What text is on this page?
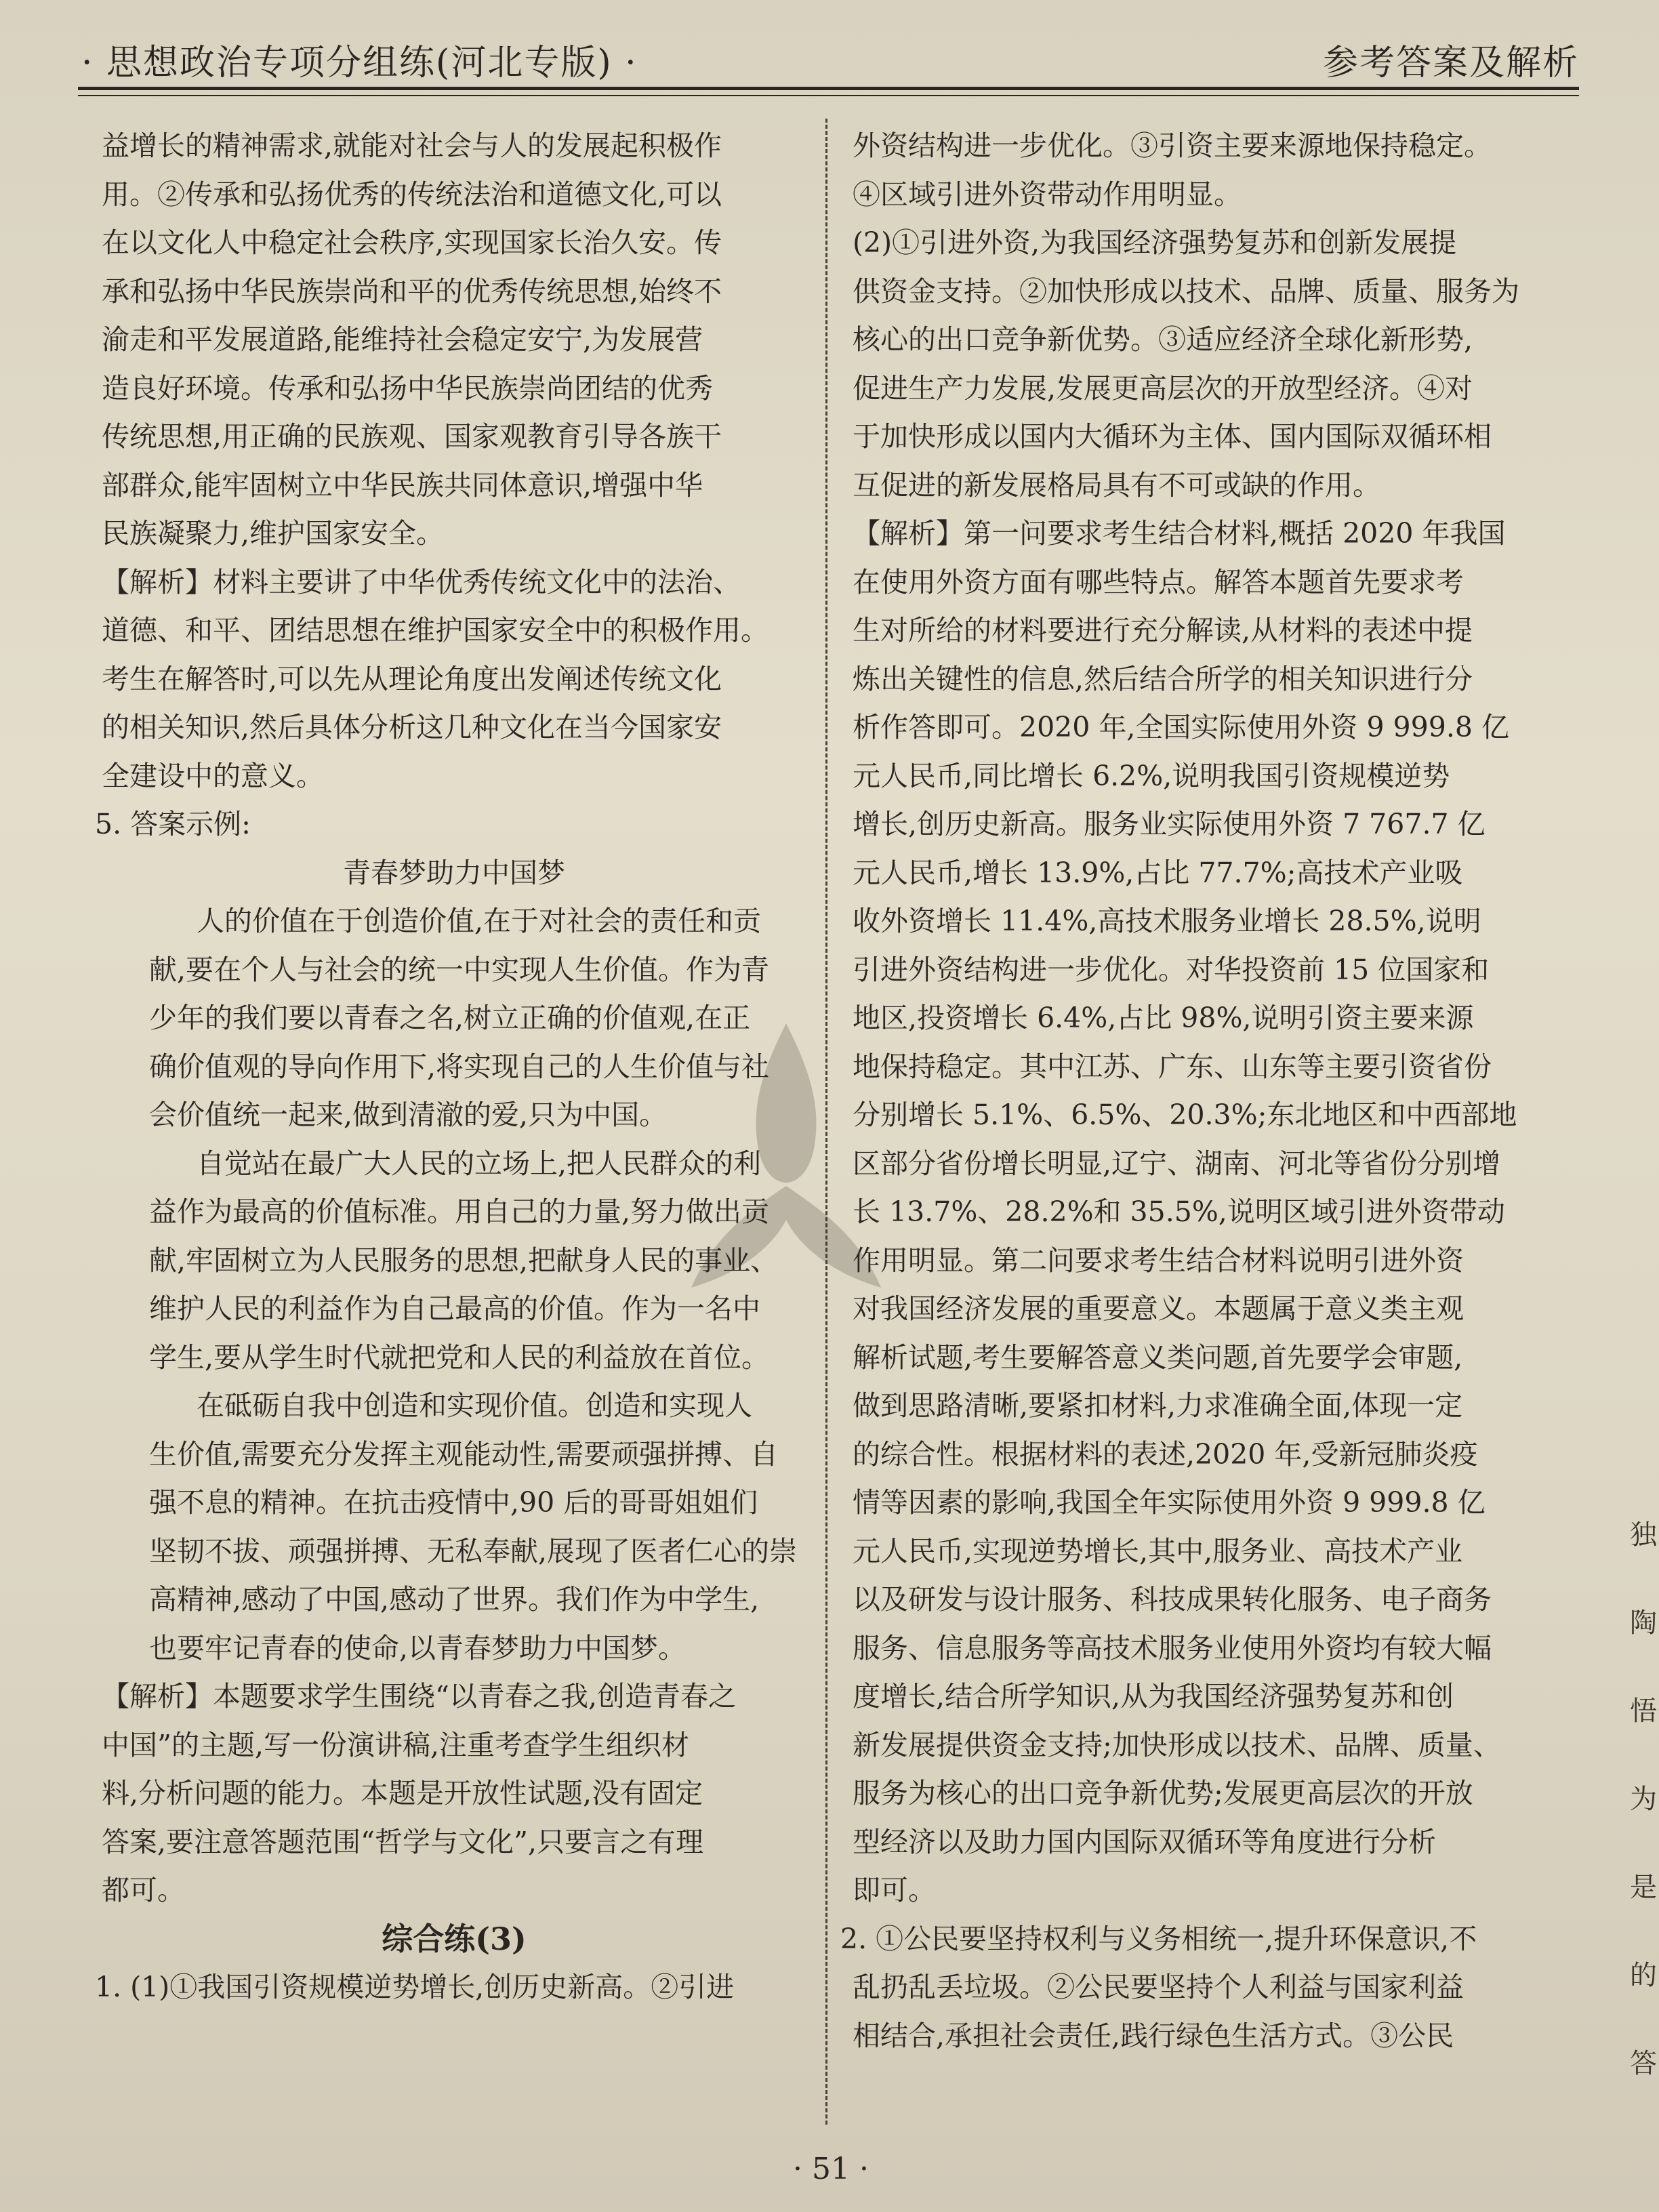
· 思想政治专项分组练(河北专版) ·	参考答案及解析
益增长的精神需求,就能对社会与人的发展起积极作
用。②传承和弘扬优秀的传统法治和道德文化,可以
在以文化人中稳定社会秩序,实现国家长治久安。传
承和弘扬中华民族崇尚和平的优秀传统思想,始终不
渝走和平发展道路,能维持社会稳定安宁,为发展营
造良好环境。传承和弘扬中华民族崇尚团结的优秀
传统思想,用正确的民族观、国家观教育引导各族干
部群众,能牢固树立中华民族共同体意识,增强中华
民族凝聚力,维护国家安全。
【解析】材料主要讲了中华优秀传统文化中的法治、
道德、和平、团结思想在维护国家安全中的积极作用。
考生在解答时,可以先从理论角度出发阐述传统文化
的相关知识,然后具体分析这几种文化在当今国家安
全建设中的意义。
5. 答案示例:
青春梦助力中国梦
人的价值在于创造价值,在于对社会的责任和贡
献,要在个人与社会的统一中实现人生价值。作为青
少年的我们要以青春之名,树立正确的价值观,在正
确价值观的导向作用下,将实现自己的人生价值与社
会价值统一起来,做到清澈的爱,只为中国。
自觉站在最广大人民的立场上,把人民群众的利
益作为最高的价值标准。用自己的力量,努力做出贡
献,牢固树立为人民服务的思想,把献身人民的事业、
维护人民的利益作为自己最高的价值。作为一名中
学生,要从学生时代就把党和人民的利益放在首位。
在砥砺自我中创造和实现价值。创造和实现人
生价值,需要充分发挥主观能动性,需要顽强拼搏、自
强不息的精神。在抗击疫情中,90 后的哥哥姐姐们
坚韧不拔、顽强拼搏、无私奉献,展现了医者仁心的崇
高精神,感动了中国,感动了世界。我们作为中学生,
也要牢记青春的使命,以青春梦助力中国梦。
【解析】本题要求学生围绕“以青春之我,创造青春之
中国”的主题,写一份演讲稿,注重考查学生组织材
料,分析问题的能力。本题是开放性试题,没有固定
答案,要注意答题范围“哲学与文化”,只要言之有理
都可。
综合练(3)
1. (1)①我国引资规模逆势增长,创历史新高。②引进
外资结构进一步优化。③引资主要来源地保持稳定。
④区域引进外资带动作用明显。
(2)①引进外资,为我国经济强势复苏和创新发展提
供资金支持。②加快形成以技术、品牌、质量、服务为
核心的出口竞争新优势。③适应经济全球化新形势,
促进生产力发展,发展更高层次的开放型经济。④对
于加快形成以国内大循环为主体、国内国际双循环相
互促进的新发展格局具有不可或缺的作用。
【解析】第一问要求考生结合材料,概括 2020 年我国
在使用外资方面有哪些特点。解答本题首先要求考
生对所给的材料要进行充分解读,从材料的表述中提
炼出关键性的信息,然后结合所学的相关知识进行分
析作答即可。2020 年,全国实际使用外资 9 999.8 亿
元人民币,同比增长 6.2%,说明我国引资规模逆势
增长,创历史新高。服务业实际使用外资 7 767.7 亿
元人民币,增长 13.9%,占比 77.7%;高技术产业吸
收外资增长 11.4%,高技术服务业增长 28.5%,说明
引进外资结构进一步优化。对华投资前 15 位国家和
地区,投资增长 6.4%,占比 98%,说明引资主要来源
地保持稳定。其中江苏、广东、山东等主要引资省份
分别增长 5.1%、6.5%、20.3%;东北地区和中西部地
区部分省份增长明显,辽宁、湖南、河北等省份分别增
长 13.7%、28.2%和 35.5%,说明区域引进外资带动
作用明显。第二问要求考生结合材料说明引进外资
对我国经济发展的重要意义。本题属于意义类主观
解析试题,考生要解答意义类问题,首先要学会审题,
做到思路清晰,要紧扣材料,力求准确全面,体现一定
的综合性。根据材料的表述,2020 年,受新冠肺炎疫
情等因素的影响,我国全年实际使用外资 9 999.8 亿
元人民币,实现逆势增长,其中,服务业、高技术产业
以及研发与设计服务、科技成果转化服务、电子商务
服务、信息服务等高技术服务业使用外资均有较大幅
度增长,结合所学知识,从为我国经济强势复苏和创
新发展提供资金支持;加快形成以技术、品牌、质量、
服务为核心的出口竞争新优势;发展更高层次的开放
型经济以及助力国内国际双循环等角度进行分析
即可。
2. ①公民要坚持权利与义务相统一,提升环保意识,不
乱扔乱丢垃圾。②公民要坚持个人利益与国家利益
相结合,承担社会责任,践行绿色生活方式。③公民
独
陶
悟
为
是
的
答
· 51 ·
